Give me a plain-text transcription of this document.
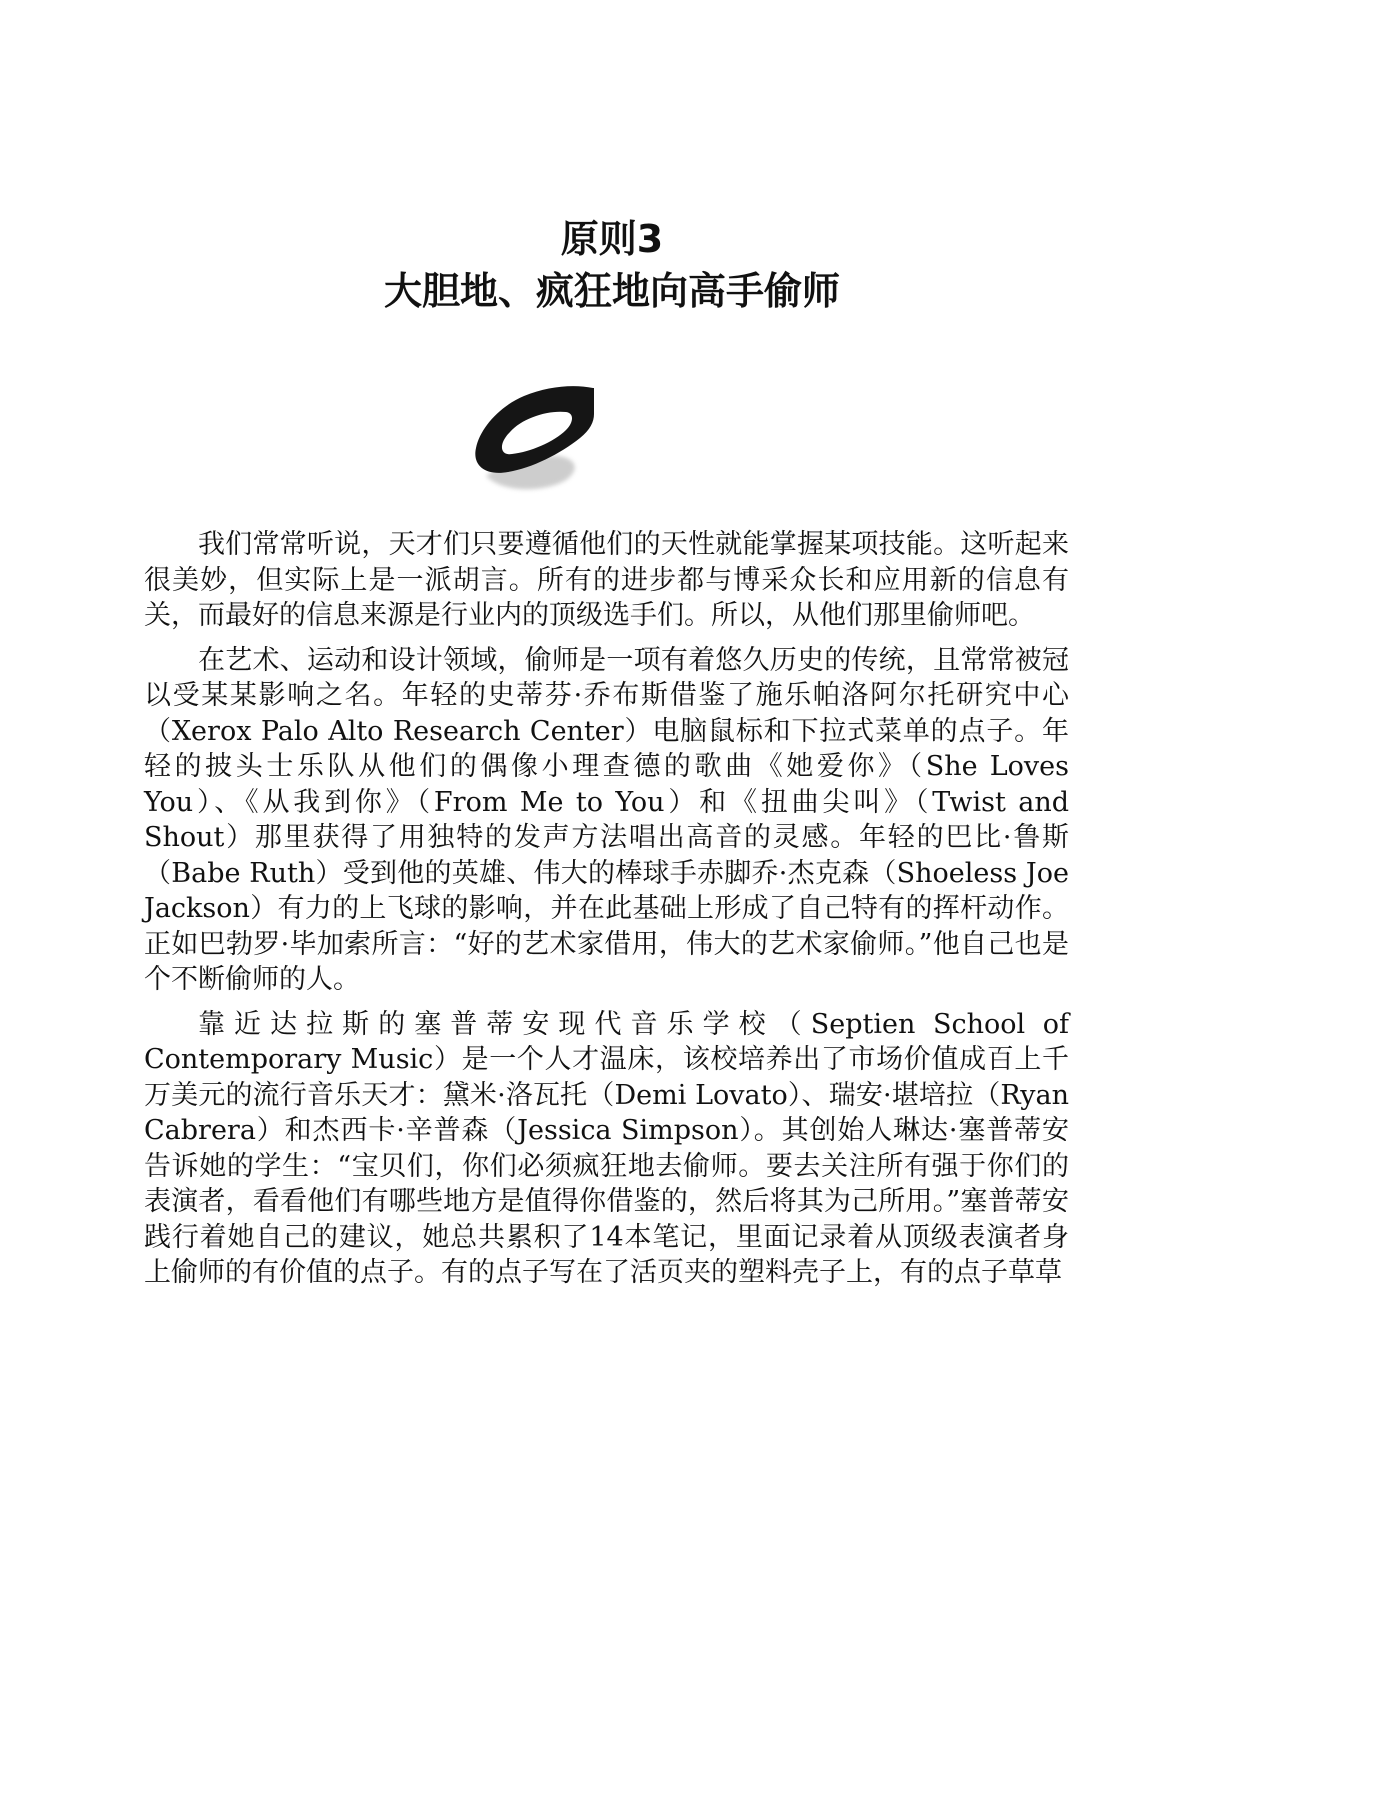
原则3
大胆地、疯狂地向高手偷师

我们常常听说，天才们只要遵循他们的天性就能掌握某项技能。这听起来很美妙，但实际上是一派胡言。所有的进步都与博采众长和应用新的信息有关，而最好的信息来源是行业内的顶级选手们。所以，从他们那里偷师吧。

在艺术、运动和设计领域，偷师是一项有着悠久历史的传统，且常常被冠以受某某影响之名。年轻的史蒂芬·乔布斯借鉴了施乐帕洛阿尔托研究中心（Xerox Palo Alto Research Center）电脑鼠标和下拉式菜单的点子。年轻的披头士乐队从他们的偶像小理查德的歌曲《她爱你》（She Loves You）、《从我到你》（From Me to You）和《扭曲尖叫》（Twist and Shout）那里获得了用独特的发声方法唱出高音的灵感。年轻的巴比·鲁斯（Babe Ruth）受到他的英雄、伟大的棒球手赤脚乔·杰克森（Shoeless Joe Jackson）有力的上飞球的影响，并在此基础上形成了自己特有的挥杆动作。正如巴勃罗·毕加索所言：“好的艺术家借用，伟大的艺术家偷师。”他自己也是个不断偷师的人。

靠近达拉斯的塞普蒂安现代音乐学校（Septien School of Contemporary Music）是一个人才温床，该校培养出了市场价值成百上千万美元的流行音乐天才：黛米·洛瓦托（Demi Lovato）、瑞安·堪培拉（Ryan Cabrera）和杰西卡·辛普森（Jessica Simpson）。其创始人琳达·塞普蒂安告诉她的学生：“宝贝们，你们必须疯狂地去偷师。要去关注所有强于你们的表演者，看看他们有哪些地方是值得你借鉴的，然后将其为己所用。”塞普蒂安践行着她自己的建议，她总共累积了14本笔记，里面记录着从顶级表演者身上偷师的有价值的点子。有的点子写在了活页夹的塑料壳子上，有的点子草草
